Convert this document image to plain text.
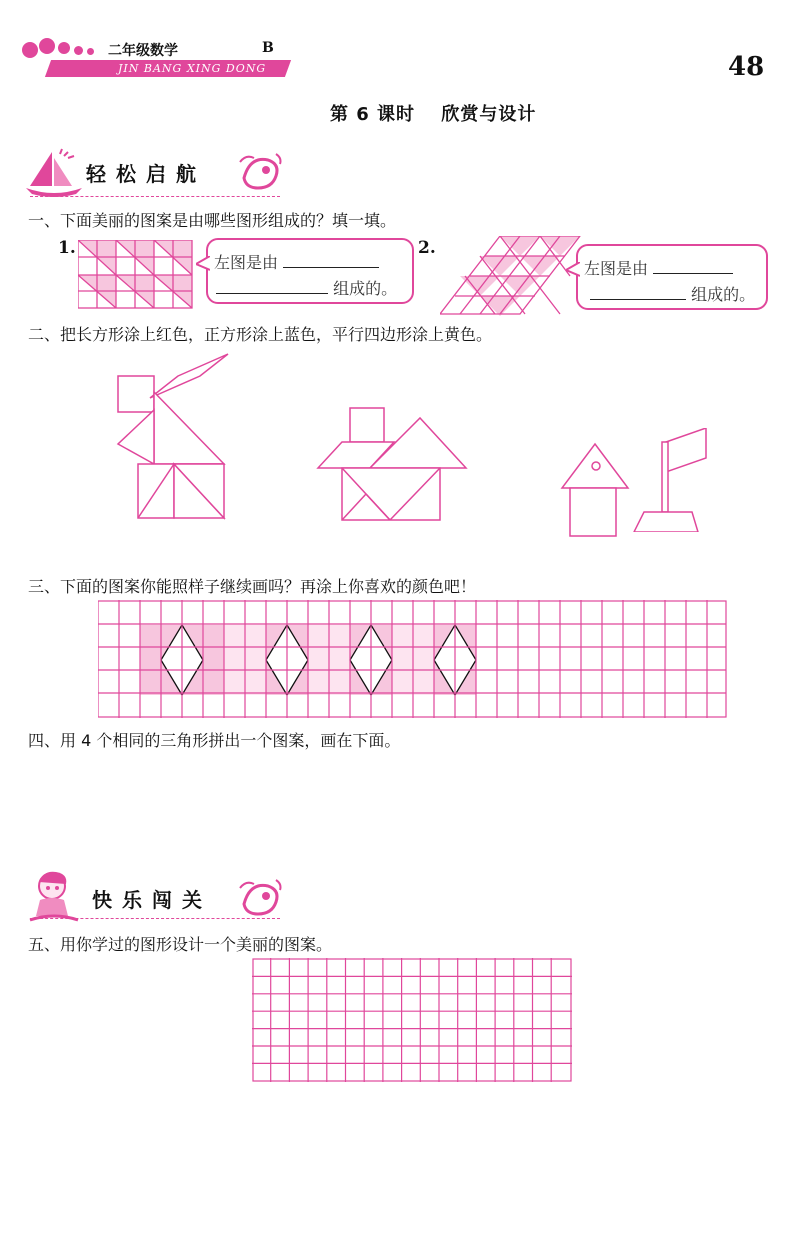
二年级数学	B
JIN BANG XING DONG	48
第 6 课时　 欣赏与设计
轻松启航
一、下面美丽的图案是由哪些图形组成的？填一填。
1.
左图是由
组成的。
2.
左图是由
组成的。
二、把长方形涂上红色，正方形涂上蓝色，平行四边形涂上黄色。
三、下面的图案你能照样子继续画吗？再涂上你喜欢的颜色吧！
四、用 4 个相同的三角形拼出一个图案，画在下面。
快乐闯关
五、用你学过的图形设计一个美丽的图案。
